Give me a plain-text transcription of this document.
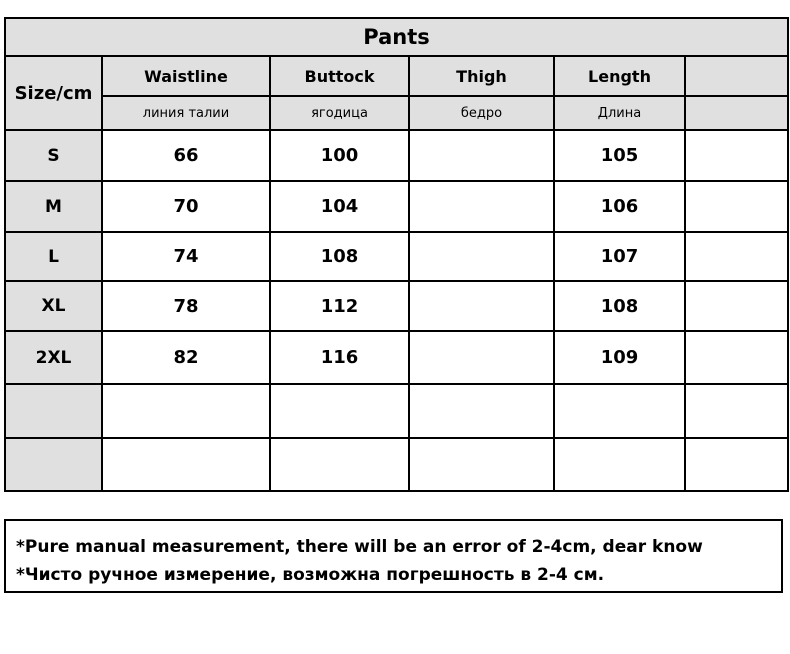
Pants					
Size/cm	Waistline	Buttock	Thigh	Length	
	линия талии	ягодица	бедро	Длина	
S	66	100		105	
M	70	104		106	
L	74	108		107	
XL	78	112		108	
2XL	82	116		109	

*Pure manual measurement, there will be an error of 2-4cm, dear know
*Чисто ручное измерение, возможна погрешность в 2-4 см.
